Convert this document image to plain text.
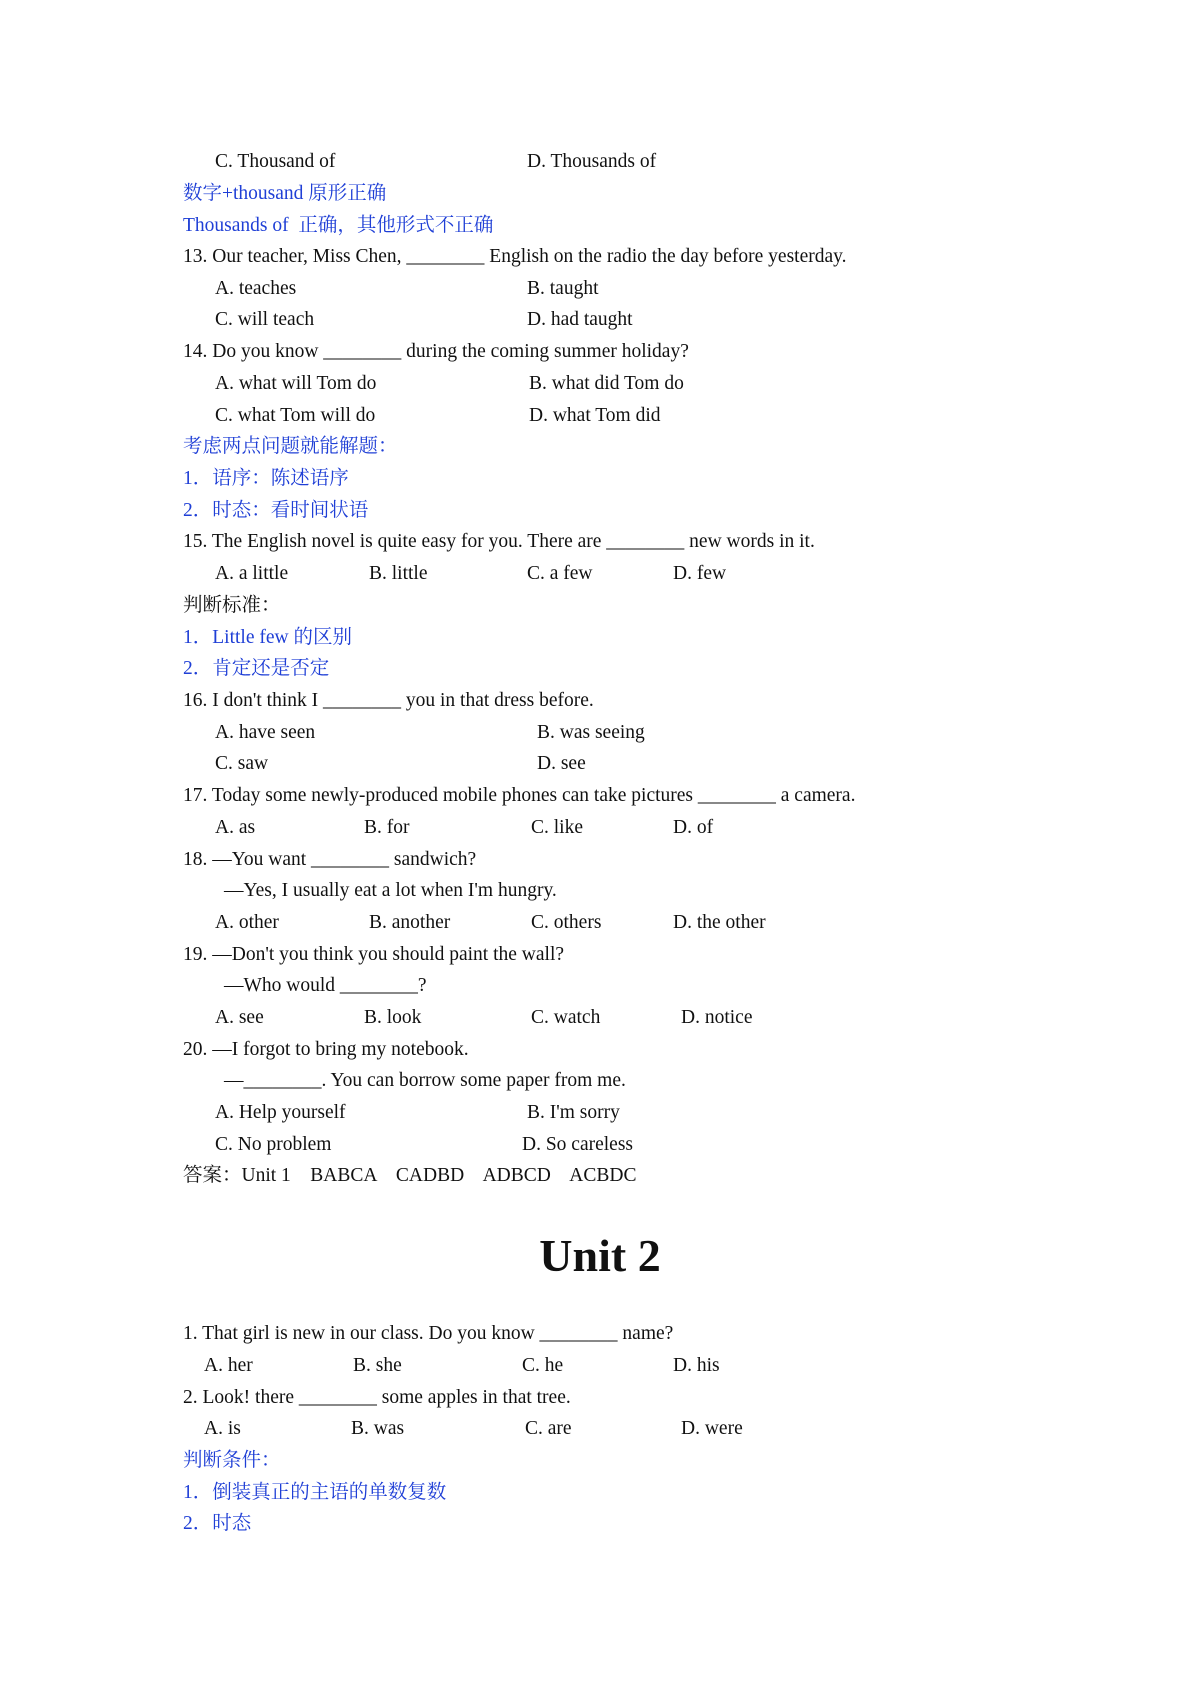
C. Thousand of	D. Thousands of
数字+thousand 原形正确
Thousands of  正确，其他形式不正确
13. Our teacher, Miss Chen, ________ English on the radio the day before yesterday.
A. teaches	B. taught
C. will teach	D. had taught
14. Do you know ________ during the coming summer holiday?
A. what will Tom do	B. what did Tom do
C. what Tom will do	D. what Tom did
考虑两点问题就能解题：
1．语序：陈述语序
2．时态：看时间状语
15. The English novel is quite easy for you. There are ________ new words in it.
A. a little	B. little	C. a few	D. few
判断标准：
1．Little few 的区别
2．肯定还是否定
16. I don't think I ________ you in that dress before.
A. have seen	B. was seeing
C. saw	D. see
17. Today some newly-produced mobile phones can take pictures ________ a camera.
A. as	B. for	C. like	D. of
18. —You want ________ sandwich?
—Yes, I usually eat a lot when I'm hungry.
A. other	B. another	C. others	D. the other
19. —Don't you think you should paint the wall?
—Who would ________?
A. see	B. look	C. watch	D. notice
20. —I forgot to bring my notebook.
—________. You can borrow some paper from me.
A. Help yourself	B. I'm sorry
C. No problem	D. So careless
答案：Unit 1    BABCA    CADBD    ADBCD    ACBDC
Unit 2
1. That girl is new in our class. Do you know ________ name?
A. her	B. she	C. he	D. his
2. Look! there ________ some apples in that tree.
A. is	B. was	C. are	D. were
判断条件：
1．倒装真正的主语的单数复数
2．时态
